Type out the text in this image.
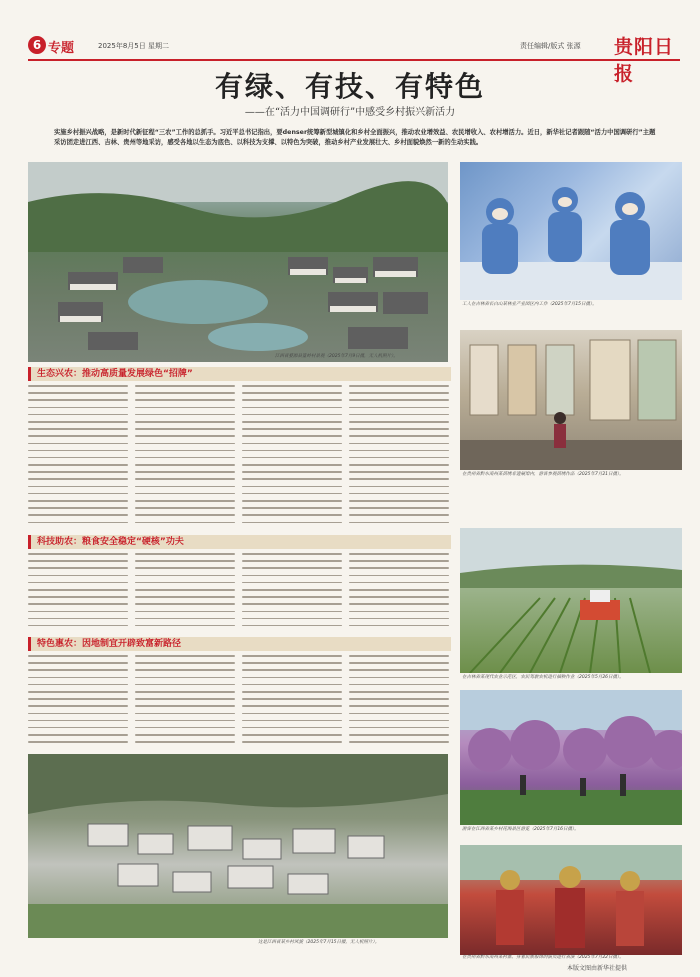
6 专题	2025年8月5日 星期二	责任编辑/版式 张源 贵阳日报
有绿、有技、有特色
——在“活力中国调研行”中感受乡村振兴新活力
实施乡村振兴战略，是新时代新征程“三农”工作的总抓手。习近平总书记指出，要denser统筹新型城镇化和乡村全面振兴，推动农业增效益、农民增收入、农村增活力。近日，新华社记者跟随“活力中国调研行”主题采访团走进江西、吉林、贵州等地采访，感受各地以生态为底色、以科技为支撑、以特色为突破，推动乡村产业发展壮大、乡村面貌焕然一新的生动实践。
江西省婺源县篁岭村景观（2025年7月9日摄，无人机照片）。
工人在吉林省长白山某林业产业园区内工作（2025年7月15日摄）。
在贵州省黔东南州某苗绣非遗展馆内，游客参观苗绣作品（2025年7月21日摄）。
生态兴农：推动高质量发展绿色“招牌”
科技助农：粮食安全稳定“硬核”功夫
在吉林省某现代农业示范区，农民驾驶农机进行插秧作业（2025年5月26日摄）。
特色惠农：因地制宜开辟致富新路径
游客在江西省某乡村花海景区游览（2025年7月16日摄）。
在贵州省黔东南州某村寨，身着民族服饰的演员进行表演（2025年7月22日摄）。
这是江西省某乡村风貌（2025年7月15日摄，无人机照片）。
本版文图由新华社提供
